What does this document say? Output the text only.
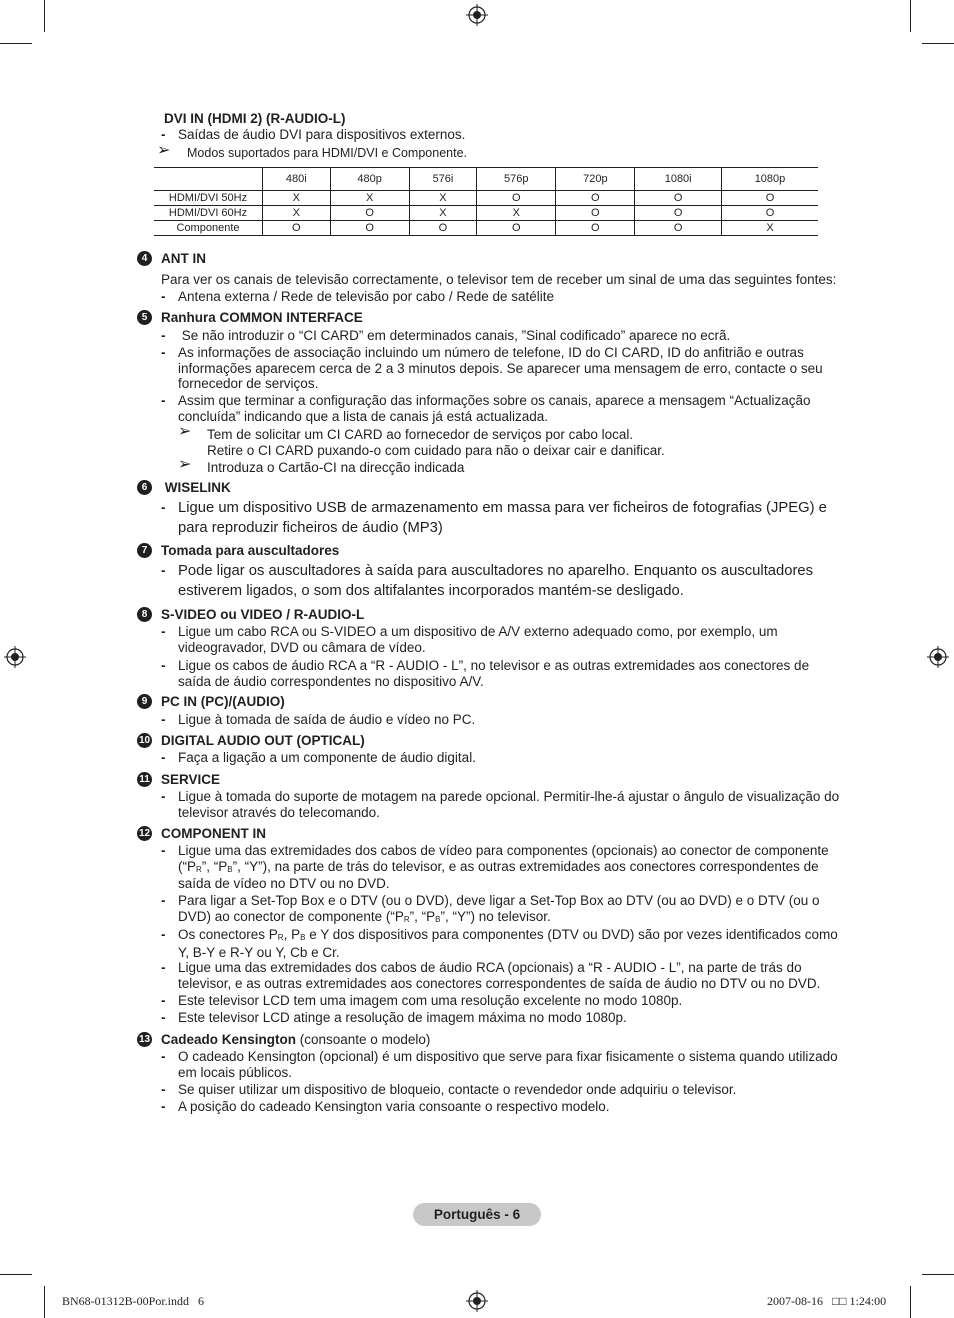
DVI IN (HDMI 2) (R-AUDIO-L)
- Saídas de áudio DVI para dispositivos externos.
➢ Modos suportados para HDMI/DVI e Componente.
	480i	480p	576i	576p	720p	1080i	1080p
HDMI/DVI 50Hz	X	X	X	O	O	O	O
HDMI/DVI 60Hz	X	O	X	X	O	O	O
Componente	O	O	O	O	O	O	X
4	ANT IN
Para ver os canais de televisão correctamente, o televisor tem de receber um sinal de uma das seguintes fontes:
- Antena externa / Rede de televisão por cabo / Rede de satélite
5	Ranhura COMMON INTERFACE
- Se não introduzir o “CI CARD” em determinados canais, ”Sinal codificado” aparece no ecrã.
- As informações de associação incluindo um número de telefone, ID do CI CARD, ID do anfitrião e outras informações aparecem cerca de 2 a 3 minutos depois. Se aparecer uma mensagem de erro, contacte o seu fornecedor de serviços.
- Assim que terminar a configuração das informações sobre os canais, aparece a mensagem “Actualização concluída” indicando que a lista de canais já está actualizada.
➢ Tem de solicitar um CI CARD ao fornecedor de serviços por cabo local.
Retire o CI CARD puxando-o com cuidado para não o deixar cair e danificar.
➢ Introduza o Cartão-CI na direcção indicada
6	WISELINK
- Ligue um dispositivo USB de armazenamento em massa para ver ficheiros de fotografias (JPEG) e para reproduzir ficheiros de áudio (MP3)
7	Tomada para auscultadores
- Pode ligar os auscultadores à saída para auscultadores no aparelho. Enquanto os auscultadores estiverem ligados, o som dos altifalantes incorporados mantém-se desligado.
8	S-VIDEO ou VIDEO / R-AUDIO-L
- Ligue um cabo RCA ou S-VIDEO a um dispositivo de A/V externo adequado como, por exemplo, um videogravador, DVD ou câmara de vídeo.
- Ligue os cabos de áudio RCA a “R - AUDIO - L”, no televisor e as outras extremidades aos conectores de saída de áudio correspondentes no dispositivo A/V.
9	PC IN (PC)/(AUDIO)
- Ligue à tomada de saída de áudio e vídeo no PC.
10 DIGITAL AUDIO OUT (OPTICAL)
- Faça a ligação a um componente de áudio digital.
11 SERVICE
- Ligue à tomada do suporte de motagem na parede opcional. Permitir-lhe-á ajustar o ângulo de visualização do televisor através do telecomando.
12 COMPONENT IN
- Ligue uma das extremidades dos cabos de vídeo para componentes (opcionais) ao conector de componente (“$P_R$”, “$P_B$”, “Y”), na parte de trás do televisor, e as outras extremidades aos conectores correspondentes de saída de vídeo no DTV ou no DVD.
- Para ligar a Set-Top Box e o DTV (ou o DVD), deve ligar a Set-Top Box ao DTV (ou ao DVD) e o DTV (ou o DVD) ao conector de componente (“$P_R$”, “$P_B$”, “Y”) no televisor.
- Os conectores $P_R$, $P_B$ e Y dos dispositivos para componentes (DTV ou DVD) são por vezes identificados como Y, B-Y e R-Y ou Y, Cb e Cr.
- Ligue uma das extremidades dos cabos de áudio RCA (opcionais) a “R - AUDIO - L”, na parte de trás do televisor, e as outras extremidades aos conectores correspondentes de saída de áudio no DTV ou no DVD.
- Este televisor LCD tem uma imagem com uma resolução excelente no modo 1080p.
- Este televisor LCD atinge a resolução de imagem máxima no modo 1080p.
13 Cadeado Kensington (consoante o modelo)
- O cadeado Kensington (opcional) é um dispositivo que serve para fixar fisicamente o sistema quando utilizado em locais públicos.
- Se quiser utilizar um dispositivo de bloqueio, contacte o revendedor onde adquiriu o televisor.
- A posição do cadeado Kensington varia consoante o respectivo modelo.
Português - 6
BN68-01312B-00Por.indd   6	2007-08-16   □□ 1:24:00
